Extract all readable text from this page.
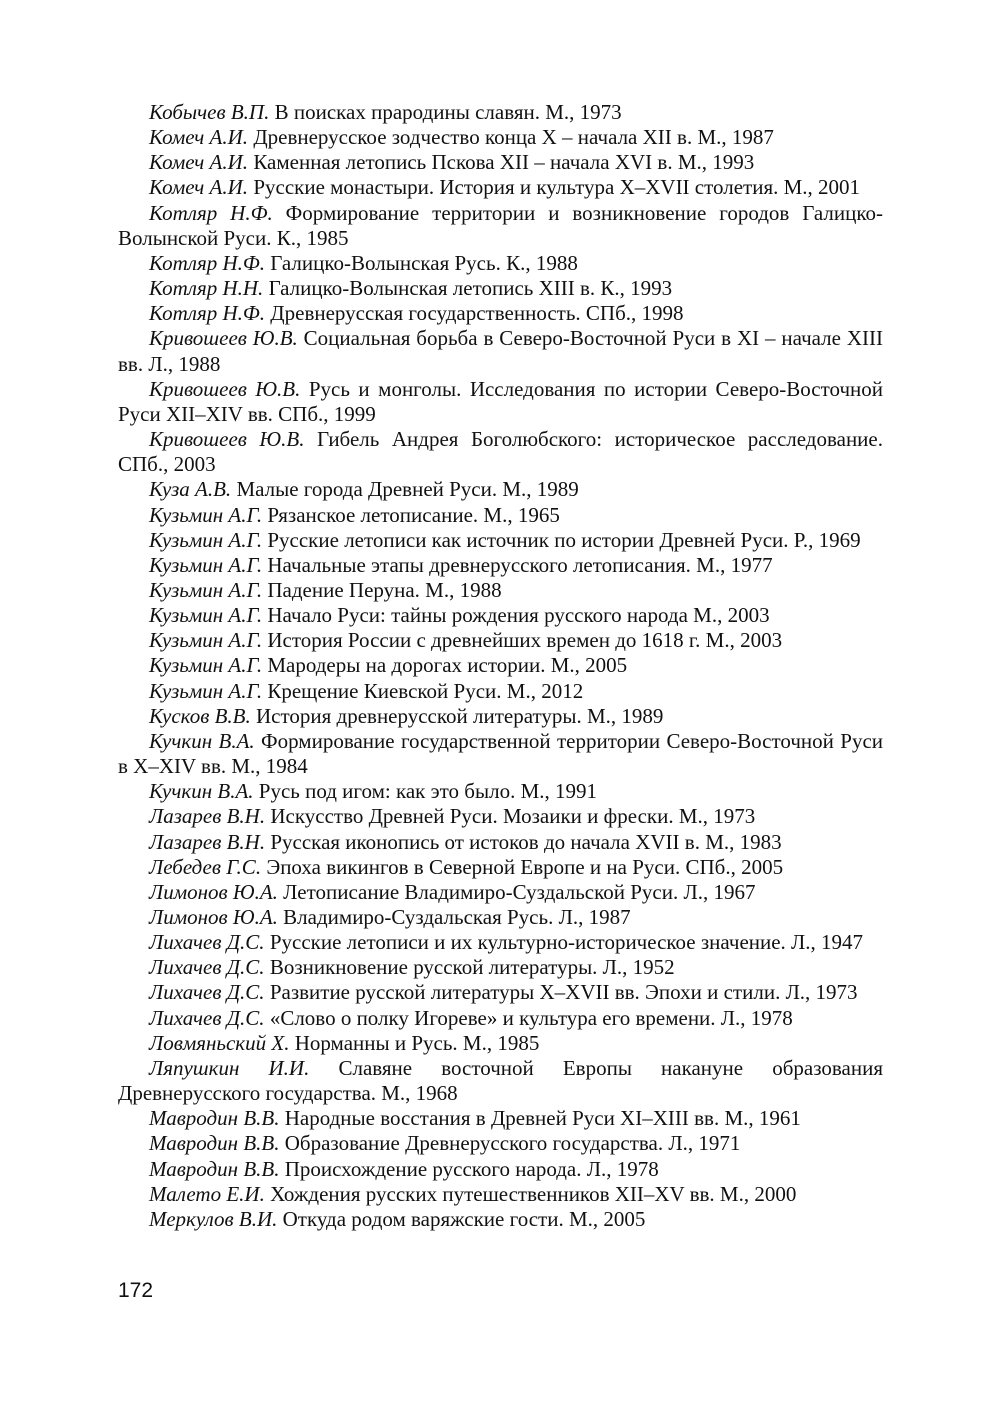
Кобычев В.П. В поисках прародины славян. М., 1973
Комеч А.И. Древнерусское зодчество конца X – начала XII в. М., 1987
Комеч А.И. Каменная летопись Пскова XII – начала XVI в. М., 1993
Комеч А.И. Русские монастыри. История и культура X–XVII столетия. М., 2001
Котляр Н.Ф. Формирование территории и возникновение городов Галицко-Волынской Руси. К., 1985
Котляр Н.Ф. Галицко-Волынская Русь. К., 1988
Котляр Н.Н. Галицко-Волынская летопись XIII в. К., 1993
Котляр Н.Ф. Древнерусская государственность. СПб., 1998
Кривошеев Ю.В. Социальная борьба в Северо-Восточной Руси в XI – начале XIII вв. Л., 1988
Кривошеев Ю.В. Русь и монголы. Исследования по истории Северо-Восточной Руси XII–XIV вв. СПб., 1999
Кривошеев Ю.В. Гибель Андрея Боголюбского: историческое расследование. СПб., 2003
Куза А.В. Малые города Древней Руси. М., 1989
Кузьмин А.Г. Рязанское летописание. М., 1965
Кузьмин А.Г. Русские летописи как источник по истории Древней Руси. Р., 1969
Кузьмин А.Г. Начальные этапы древнерусского летописания. М., 1977
Кузьмин А.Г. Падение Перуна. М., 1988
Кузьмин А.Г. Начало Руси: тайны рождения русского народа М., 2003
Кузьмин А.Г. История России с древнейших времен до 1618 г. М., 2003
Кузьмин А.Г. Мародеры на дорогах истории. М., 2005
Кузьмин А.Г. Крещение Киевской Руси. М., 2012
Кусков В.В. История древнерусской литературы. М., 1989
Кучкин В.А. Формирование государственной территории Северо-Восточной Руси в X–XIV вв. М., 1984
Кучкин В.А. Русь под игом: как это было. М., 1991
Лазарев В.Н. Искусство Древней Руси. Мозаики и фрески. М., 1973
Лазарев В.Н. Русская иконопись от истоков до начала XVII в. М., 1983
Лебедев Г.С. Эпоха викингов в Северной Европе и на Руси. СПб., 2005
Лимонов Ю.А. Летописание Владимиро-Суздальской Руси. Л., 1967
Лимонов Ю.А. Владимиро-Суздальская Русь. Л., 1987
Лихачев Д.С. Русские летописи и их культурно-историческое значение. Л., 1947
Лихачев Д.С. Возникновение русской литературы. Л., 1952
Лихачев Д.С. Развитие русской литературы X–XVII вв. Эпохи и стили. Л., 1973
Лихачев Д.С. «Слово о полку Игореве» и культура его времени. Л., 1978
Ловмяньский Х. Норманны и Русь. М., 1985
Ляпушкин И.И. Славяне восточной Европы накануне образования Древнерусского государства. М., 1968
Мавродин В.В. Народные восстания в Древней Руси XI–XIII вв. М., 1961
Мавродин В.В. Образование Древнерусского государства. Л., 1971
Мавродин В.В. Происхождение русского народа. Л., 1978
Малето Е.И. Хождения русских путешественников XII–XV вв. М., 2000
Меркулов В.И. Откуда родом варяжские гости. М., 2005
172
